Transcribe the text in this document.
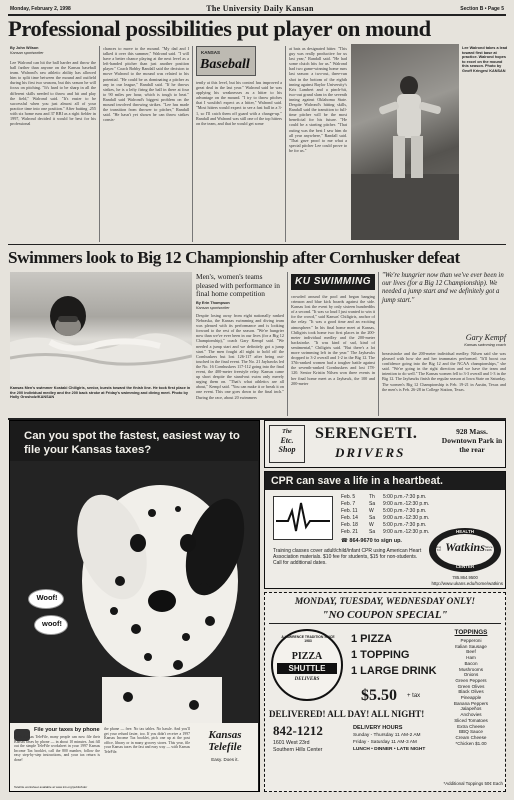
Monday, February 2, 1998	The University Daily Kansan	Section B • Page 5
Professional possibilities put player on mound
By John Wilson
Kansan sportswriter
Lee Walrond can hit the ball harder and throw the ball farther than anyone on the Kansas baseball team. Walrond's raw athletic ability has allowed him to split time between the mound and outfield during his first two seasons, but this season he will focus on pitching. "It's hard to be sharp in all the different skills needed to throw and hit and play the field," Walrond said. "It's easier to be successful when you just almost all of your practice time into one position." After batting .255 with six home runs and 37 RBI as a right fielder in 1997, Walrond decided it would be best for his professional
chances to move to the mound. "My dad and I talked it over this summer," Walrond said. "I will have a better chance playing at the next level as a left-handed pitcher than just another position player." Coach Bobby Randall said the decision to move Walrond to the mound was related to his potential. "He could be as dominating a pitcher as any in our league," Randall said. "If he throws strikes, he is a lefty firing the ball in there at four to 90 miles per hour, which is tough to beat." Randall said Walrond's biggest problem on the mound involved throwing strikes. "Lee has made the transition from thrower to pitcher," Randall said. "He hasn't yet shown he can throw strikes consis-
KANSAS
Baseball
tently at this level, but his control has improved a great deal in the last year." Walrond said he was applying his weaknesses as a hitter to his advantage on the mound. "I try to throw pitches that I wouldn't expect as a hitter," Walrond said. "Most hitters would expect to see a fast ball in a 3-1, so I'll catch them off guard with a change-up." Randall and Walrond was still one of the top hitters on the team, and that he would get some
at bats as designated hitter. "This guy was really productive for us last year," Randall said. "He had some clutch hits for us." Walrond had two game-winning home runs last season: a two-out, three-run shot in the bottom of the eighth inning against Baylor University's Kris Lambert and a pinch-hit, two-out grand slam in the seventh inning against Oklahoma State. Despite Walrond's hitting skills, Randall said the transition to full-time pitcher will be the most beneficial for his future. "He could be a starting pitcher. "That outing was the best I saw him do all year anywhere," Randall said. "That gave proof to me what a special pitcher Lee could prove to be for us."
Lee Walrond takes a lead toward first base at practice. Walrond hopes to excel on the mound this season. Photo by Geoff Kringes/ KANSAN
Swimmers look to Big 12 Championship after Cornhusker defeat
Kansas Men's swimmer Kostaki Chiligiris, senior, bursts toward the finish line. He took first place in the 200 individual medley and the 200 back stroke at Friday's swimming and diving meet. Photo by Holly Grosholz/KANSAN
Men's, women's teams pleased with performance in final home competition
By Erin Thompson
Kansan sportswriter
Despite losing away from eight nationally ranked Nebraska, the Kansas swimming and diving team was pleased with its performance and is looking forward to the rest of the season. "We're hungrier now than we've ever been in our lives (for a Big 12 Championship)," coach Gary Kempf said. "We needed a jump start and we definitely got a jump start." The men fought all night to hold off the Cornhuskers but lost 126-117 after being out-touched in the final event. The No. 21 Jayhawks led the No. 16 Cornhuskers 117-112 going into the final event, the 400-meter freestyle relay. Kansas came up short despite the stand-out swim only merely urging them on. "That's what athletics are all about," Kempf said. "You can make it or break it on one event. This one goes down to the final inch." During the race, about 20 swimmers
KU SWIMMING
crowded around the pool and began banging crimson and blue kick boards against the side. Kansas lost the event by only sixteen hundredths of a second. "It was so loud I just wanted to win it for the crowd," said Kansas' Chiligiris, anchor of the relay. "It was a good time and an exciting atmosphere." In his final home meet at Kansas, Chiligiris took home two first places in the 200-meter individual medley and the 200-meter backstroke. "It was kind of sad, kind of sentimental," Chiligiris said. "But there's a lot more swimming left in the year." The Jayhawks dropped to 3-2 overall and 1-2 in the Big 12. The 37th-ranked women had a tougher battle against the seventh-ranked Cornhuskers and lost 178-120. Senior Kristin Nilsen won three events in her final home meet as a Jayhawk, the 100 and 200-meter
"We're hungrier now than we've ever been in our lives (for a Big 12 Championship). We needed a jump start and we definitely got a jump start."
Gary Kempf
Kansas swimming coach
breaststroke and the 200-meter individual medley. Nilsen said she was pleased with how she and her teammates performed. "It'll boost our confidence going into the Big 12 and the NCAA championships," she said. "We're going in the right direction and we have the team and intention to do well." The Kansas women fell to 3-3 overall and 1-3 in the Big 12. The Jayhawks finish the regular season at Iowa State on Saturday. The women's Big 12 Championship is Feb. 19-21 in Austin, Texas and the men's is Feb. 26-28 in College Station, Texas.
Can you spot the fastest, easiest way to file your Kansas taxes?
Woof!
woof!
File your taxes by phone
With Kansas TeleFile, many people can now file their Kansas taxes by phone — in about 10 minutes. Just fill out the simple TeleFile worksheet in your 1997 Kansas Income Tax booklet, call the 800 number, follow the easy step-by-step instructions, and your tax return is done!
the phone — free. No tax tables. No hassle. And you'll get your refund faster, too. If you didn't receive a 1997 Kansas Income Tax booklet, pick one up at the post office, library or in many grocery stores. This year, file your Kansas taxes the fast and easy way — with Kansas TeleFile.
Kansas Telefile
Easy. Does it.
TeleFile worksheet available at www.ink.org/public/kdor
The
Etc.
Shop
SERENGETI.
DRIVERS
928 Mass. Downtown Park in the rear
CPR can save a life in a heartbeat.
Feb. 5	Th	5:00 p.m.-7:30 p.m.
Feb. 7	Sa	9:00 a.m.-12:30 p.m.
Feb. 11	W	5:00 p.m.-7:30 p.m.
Feb. 14	Sa	9:00 a.m.-12:30 p.m.
Feb. 18	W	5:00 p.m.-7:30 p.m.
Feb. 21	Sa	9:00 a.m.-12:30 p.m.
☎ 864-9670 to sign up.
Training classes cover adult/child/infant CPR using American Heart Association materials. $10 fee for students, $15 for non-students. Call for additional dates.
HEALTH
Watkins
CENTER
Caring for KU
Since 1906
785.864.9500
http://www.ukans.edu/home/watkins
MONDAY, TUESDAY, WEDNESDAY ONLY!
"NO COUPON SPECIAL"
A LAWRENCE TRADITION SINCE 1983
PIZZA
SHUTTLE
DELIVERS
1 PIZZA
1 TOPPING
1 LARGE DRINK
$5.50 + tax
DELIVERED! ALL DAY! ALL NIGHT!
842-1212
1601 West 23rd
Southern Hills Center
DELIVERY HOURS
Sunday - Thursday 11 AM-2 AM
Friday - Saturday 11 AM-3 AM
LUNCH • DINNER • LATE NIGHT
TOPPINGS
Pepperoni
Italian Sausage
Beef
Ham
Bacon
Mushrooms
Onions
Green Peppers
Green Olives
Black Olives
Pineapple
Banana Peppers
Jalapeños
Anchovies
Sliced Tomatoes
Extra Cheese
BBQ Sauce
Cream Cheese
*Chicken $1.00
*Additional Toppings 50¢ Each
